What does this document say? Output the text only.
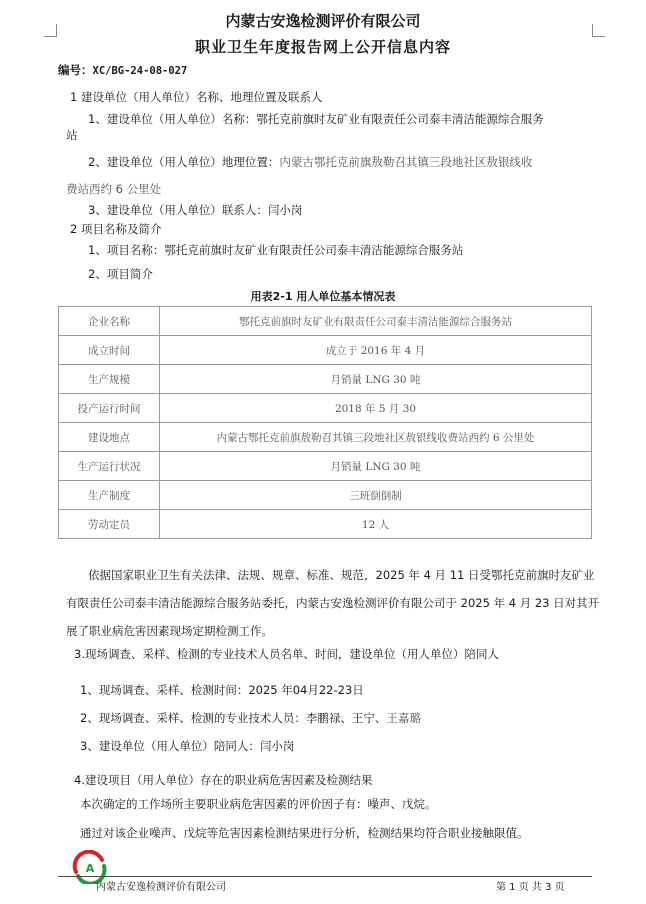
内蒙古安逸检测评价有限公司
职业卫生年度报告网上公开信息内容
编号：XC/BG-24-08-027
1 建设单位（用人单位）名称、地理位置及联系人
1、建设单位（用人单位）名称：鄂托克前旗时友矿业有限责任公司泰丰清洁能源综合服务
站
2、建设单位（用人单位）地理位置：内蒙古鄂托克前旗敖勒召其镇三段地社区敖银线收
费站西约 6 公里处
3、建设单位（用人单位）联系人：闫小岗
2 项目名称及简介
1、项目名称：鄂托克前旗时友矿业有限责任公司泰丰清洁能源综合服务站
2、项目简介
用表2-1 用人单位基本情况表
企业名称	鄂托克前旗时友矿业有限责任公司泰丰清洁能源综合服务站
成立时间	成立于 2016 年 4 月
生产规模	月销量 LNG 30 吨
投产运行时间	2018 年 5 月 30
建设地点	内蒙古鄂托克前旗敖勒召其镇三段地社区敖银线收费站西约 6 公里处
生产运行状况	月销量 LNG 30 吨
生产制度	三班倒倒制
劳动定员	12 人
依据国家职业卫生有关法律、法规、规章、标准、规范，2025 年 4 月 11 日受鄂托克前旗时友矿业
有限责任公司泰丰清洁能源综合服务站委托，内蒙古安逸检测评价有限公司于 2025 年 4 月 23 日对其开
展了职业病危害因素现场定期检测工作。
3.现场调查、采样、检测的专业技术人员名单、时间，建设单位（用人单位）陪同人
1、现场调查、采样、检测时间：2025 年04月22-23日
2、现场调查、采样、检测的专业技术人员：李鹏禄、王宁、王嘉璐
3、建设单位（用人单位）陪同人：闫小岗
4.建设项目（用人单位）存在的职业病危害因素及检测结果
本次确定的工作场所主要职业病危害因素的评价因子有：噪声、戊烷。
通过对该企业噪声、戊烷等危害因素检测结果进行分析，检测结果均符合职业接触限值。
A
内蒙古安逸检测评价有限公司	第 1 页 共 3 页
